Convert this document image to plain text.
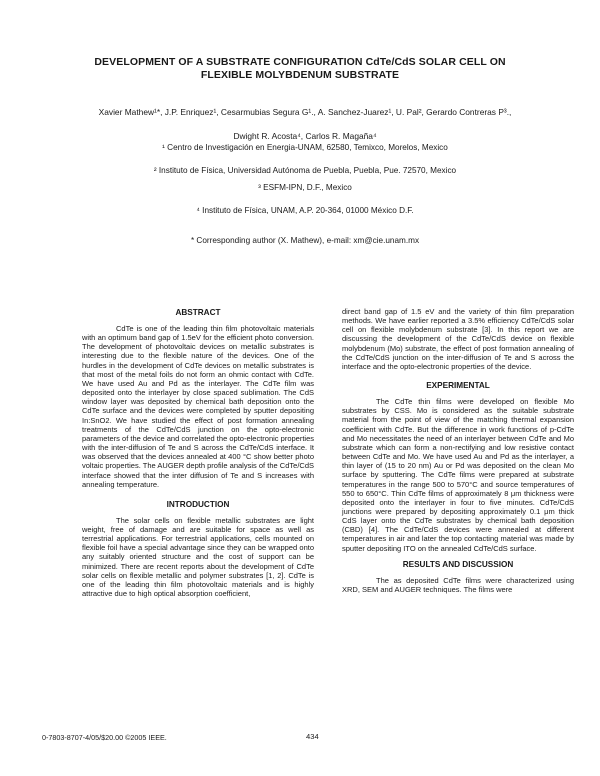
DEVELOPMENT OF A SUBSTRATE CONFIGURATION CdTe/CdS SOLAR CELL ON FLEXIBLE MOLYBDENUM SUBSTRATE
Xavier Mathew¹*, J.P. Enriquez¹, Cesarmubias Segura G¹., A. Sanchez-Juarez¹, U. Pal², Gerardo Contreras P³.,
Dwight R. Acosta⁴, Carlos R. Magaña⁴
¹ Centro de Investigación en Energia-UNAM, 62580, Temixco, Morelos, Mexico
² Instituto de Física, Universidad Autónoma de Puebla, Puebla, Pue. 72570, Mexico
³ ESFM-IPN, D.F., Mexico
⁴ Instituto de Física, UNAM, A.P. 20-364, 01000 México D.F.
* Corresponding author (X. Mathew), e-mail: xm@cie.unam.mx
ABSTRACT

CdTe is one of the leading thin film photovoltaic materials with an optimum band gap of 1.5eV for the efficient photo conversion. The development of photovoltaic devices on metallic substrates is interesting due to the flexible nature of the devices. One of the hurdles in the development of CdTe devices on metallic substrates is that most of the metal foils do not form an ohmic contact with CdTe. We have used Au and Pd as the interlayer. The CdTe film was deposited onto the interlayer by close spaced sublimation. The CdS window layer was deposited by chemical bath deposition onto the CdTe surface and the devices were completed by sputter depositing In:SnO2. We have studied the effect of post formation annealing treatments of the CdTe/CdS junction on the opto-electronic parameters of the device and correlated the opto-electronic properties with the inter-diffusion of Te and S across the CdTe/CdS interface. It was observed that the devices annealed at 400 °C show better photo voltaic properties. The AUGER depth profile analysis of the CdTe/CdS interface showed that the inter diffusion of Te and S increases with annealing temperature.

INTRODUCTION

The solar cells on flexible metallic substrates are light weight, free of damage and are suitable for space as well as terrestrial applications. For terrestrial applications, cells mounted on flexible foil have a special advantage since they can be wrapped onto any suitably oriented structure and the cost of support can be minimized. There are recent reports about the development of CdTe solar cells on flexible metallic and polymer substrates [1, 2]. CdTe is one of the leading thin film photovoltaic materials and is highly attractive due to high optical absorption coefficient,

direct band gap of 1.5 eV and the variety of thin film preparation methods. We have earlier reported a 3.5% efficiency CdTe/CdS solar cell on flexible molybdenum substrate [3]. In this report we are discussing the development of the CdTe/CdS device on flexible molybdenum (Mo) substrate, the effect of post formation annealing of the CdTe/CdS junction on the inter-diffusion of Te and S across the interface and the opto-electronic properties of the device.

EXPERIMENTAL

The CdTe thin films were developed on flexible Mo substrates by CSS. Mo is considered as the suitable substrate material from the point of view of the matching thermal expansion coefficient with CdTe. But the difference in work functions of p-CdTe and Mo necessitates the need of an interlayer between CdTe and Mo substrate which can form a non-rectifying and low resistive contact between CdTe and Mo. We have used Au and Pd as the interlayer, a thin layer of (15 to 20 nm) Au or Pd was deposited on the clean Mo surface by sputtering. The CdTe films were prepared at substrate temperatures in the range 500 to 570°C and source temperatures of 550 to 650°C. Thin CdTe films of approximately 8 μm thickness were deposited onto the interlayer in four to five minutes. CdTe/CdS junctions were prepared by depositing approximately 0.1 μm thick CdS layer onto the CdTe substrates by chemical bath deposition (CBD) [4]. The CdTe/CdS devices were annealed at different temperatures in air and later the top contacting material was made by sputter depositing ITO on the annealed CdTe/CdS surface.

RESULTS AND DISCUSSION

The as deposited CdTe films were characterized using XRD, SEM and AUGER techniques. The films were

0-7803-8707-4/05/$20.00 ©2005 IEEE.	434
